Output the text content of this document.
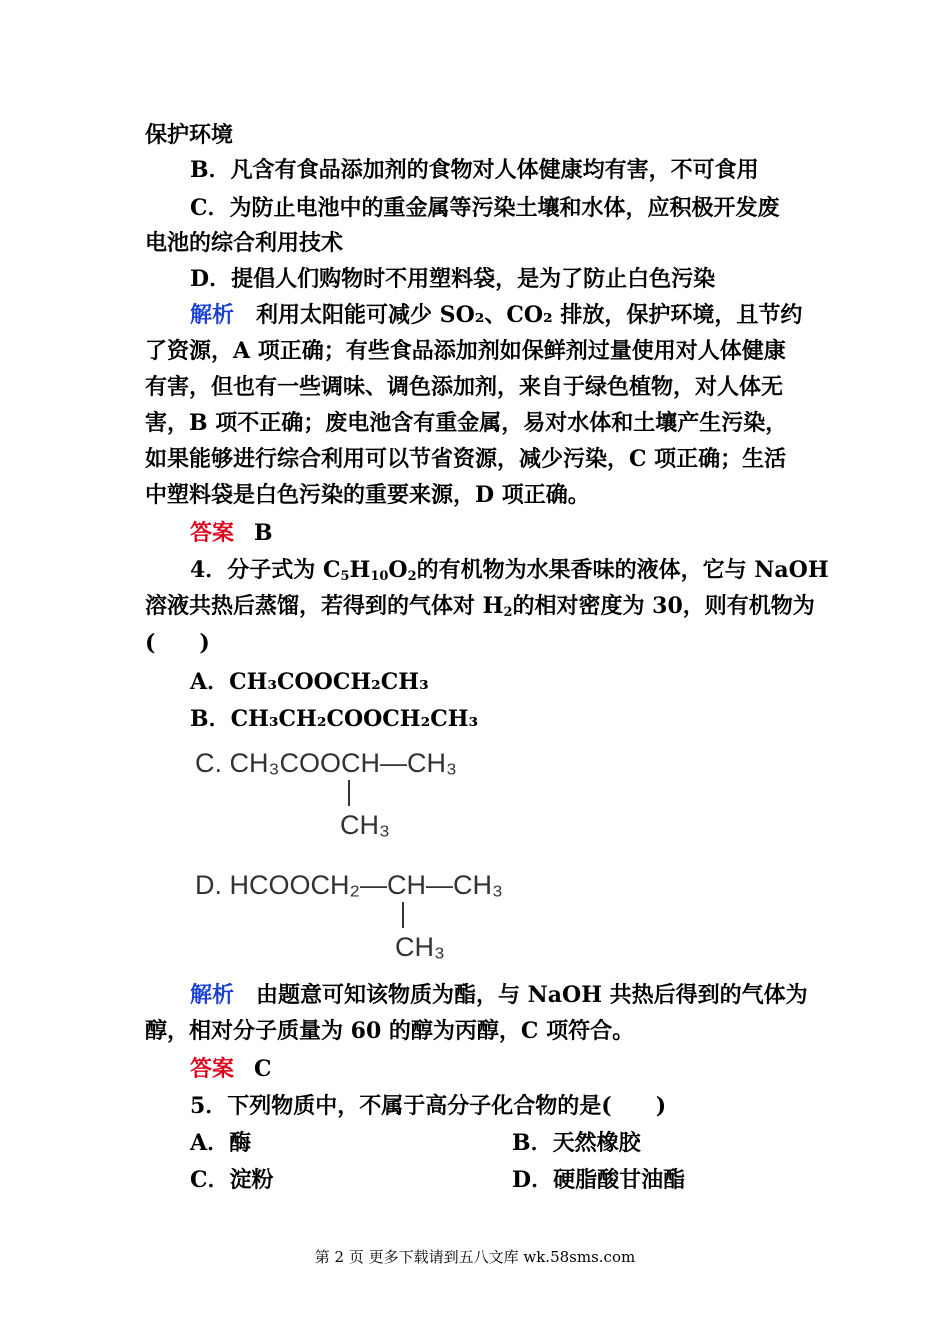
保护环境
B．凡含有食品添加剂的食物对人体健康均有害，不可食用
C．为防止电池中的重金属等污染土壤和水体，应积极开发废
电池的综合利用技术
D．提倡人们购物时不用塑料袋，是为了防止白色污染
解析 利用太阳能可减少 SO₂、CO₂ 排放，保护环境，且节约
了资源，A 项正确；有些食品添加剂如保鲜剂过量使用对人体健康
有害，但也有一些调味、调色添加剂，来自于绿色植物，对人体无
害，B 项不正确；废电池含有重金属，易对水体和土壤产生污染，
如果能够进行综合利用可以节省资源，减少污染，C 项正确；生活
中塑料袋是白色污染的重要来源，D 项正确。
答案 B
4．分子式为 $C_5H_{10}O_2$的有机物为水果香味的液体，它与 NaOH
溶液共热后蒸馏，若得到的气体对 $H_2$的相对密度为 30，则有机物为
(　　)
A．CH₃COOCH₂CH₃
B．CH₃CH₂COOCH₂CH₃
C. CH₃COOCH—CH₃
CH₃
D. HCOOCH₂—CH—CH₃
CH₃
解析 由题意可知该物质为酯，与 NaOH 共热后得到的气体为
醇，相对分子质量为 60 的醇为丙醇，C 项符合。
答案 C
5．下列物质中，不属于高分子化合物的是(　　)
A．酶	B．天然橡胶
C．淀粉	D．硬脂酸甘油酯
第 2 页 更多下载请到五八文库 wk.58sms.com
